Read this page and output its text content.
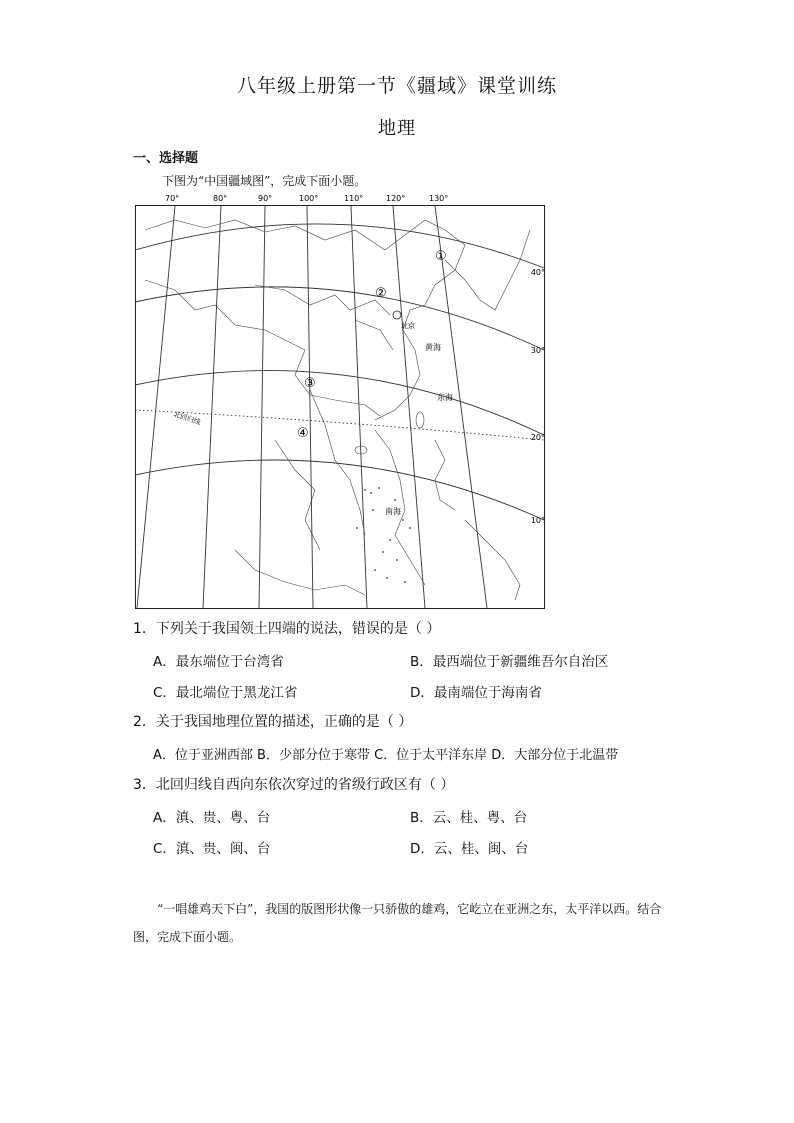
八年级上册第一节《疆域》课堂训练
地理
一、选择题
下图为“中国疆域图”，完成下面小题。
70°	80°	90°	100°	110°	120°	130°
40°
30°
20°
10°
北回归线
北京
①
②
③
④
黄海
东海
南海
1．下列关于我国领土四端的说法，错误的是（ ）
A．最东端位于台湾省	B．最西端位于新疆维吾尔自治区
C．最北端位于黑龙江省	D．最南端位于海南省
2．关于我国地理位置的描述，正确的是（ ）
A．位于亚洲西部 B．少部分位于寒带 C．位于太平洋东岸 D．大部分位于北温带
3．北回归线自西向东依次穿过的省级行政区有（ ）
A．滇、贵、粤、台	B．云、桂、粤、台
C．滇、贵、闽、台	D．云、桂、闽、台
“一唱雄鸡天下白”，我国的版图形状像一只骄傲的雄鸡，它屹立在亚洲之东，太平洋以西。结合图，完成下面小题。
